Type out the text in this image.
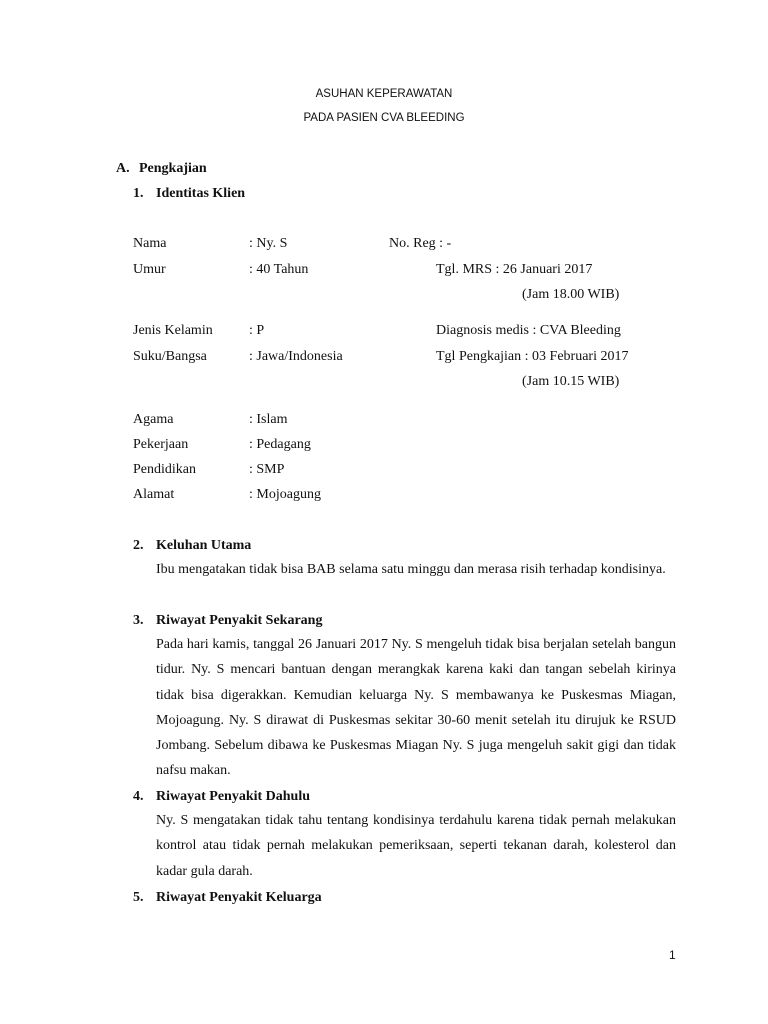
ASUHAN KEPERAWATAN
PADA PASIEN CVA BLEEDING
A. Pengkajian
1. Identitas Klien
Nama	: Ny. S	No. Reg : -
Umur	: 40 Tahun	Tgl. MRS : 26 Januari 2017
(Jam 18.00 WIB)
Jenis Kelamin	: P	Diagnosis medis : CVA Bleeding
Suku/Bangsa	: Jawa/Indonesia	Tgl Pengkajian : 03 Februari 2017
(Jam 10.15 WIB)
Agama	: Islam
Pekerjaan	: Pedagang
Pendidikan	: SMP
Alamat	: Mojoagung
2. Keluhan Utama
Ibu mengatakan tidak bisa BAB selama satu minggu dan merasa risih terhadap kondisinya.
3. Riwayat Penyakit Sekarang
Pada hari kamis, tanggal 26 Januari 2017 Ny. S mengeluh tidak bisa berjalan setelah bangun tidur. Ny. S mencari bantuan dengan merangkak karena kaki dan tangan sebelah kirinya tidak bisa digerakkan. Kemudian keluarga Ny. S membawanya ke Puskesmas Miagan, Mojoagung. Ny. S dirawat di Puskesmas sekitar 30-60 menit setelah itu dirujuk ke RSUD Jombang. Sebelum dibawa ke Puskesmas Miagan Ny. S juga mengeluh sakit gigi dan tidak nafsu makan.
4. Riwayat Penyakit Dahulu
Ny. S mengatakan tidak tahu tentang kondisinya terdahulu karena tidak pernah melakukan kontrol atau tidak pernah melakukan pemeriksaan, seperti tekanan darah, kolesterol dan kadar gula darah.
5. Riwayat Penyakit Keluarga
1
